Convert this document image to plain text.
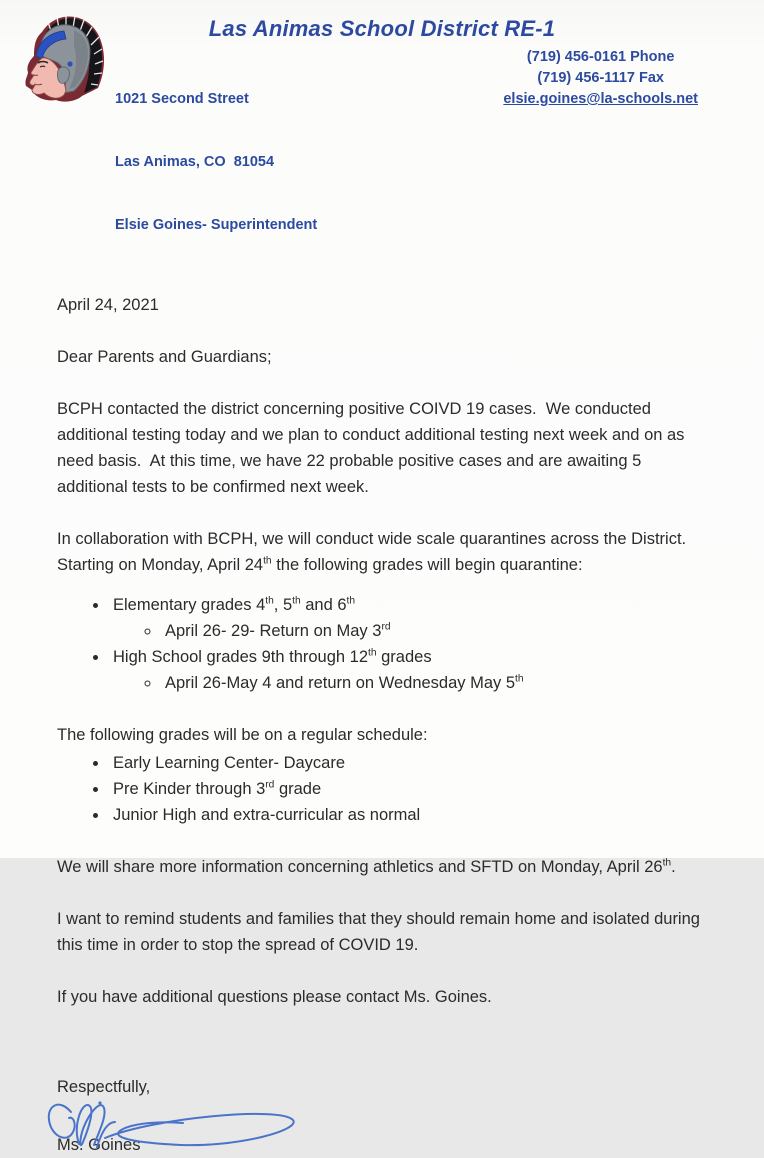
Las Animas School District RE-1

1021 Second Street

Las Animas, CO  81054

Elsie Goines- Superintendent

(719) 456-0161 Phone
(719) 456-1117 Fax
elsie.goines@la-schools.net

April 24, 2021

Dear Parents and Guardians;

BCPH contacted the district concerning positive COIVD 19 cases.  We conducted additional testing today and we plan to conduct additional testing next week and on as need basis.  At this time, we have 22 probable positive cases and are awaiting 5 additional tests to be confirmed next week.

In collaboration with BCPH, we will conduct wide scale quarantines across the District. Starting on Monday, April 24th the following grades will begin quarantine:

• Elementary grades 4th, 5th and 6th
◦ April 26- 29- Return on May 3rd
• High School grades 9th through 12th grades
◦ April 26-May 4 and return on Wednesday May 5th

The following grades will be on a regular schedule:

• Early Learning Center- Daycare
• Pre Kinder through 3rd grade
• Junior High and extra-curricular as normal

We will share more information concerning athletics and SFTD on Monday, April 26th.

I want to remind students and families that they should remain home and isolated during this time in order to stop the spread of COVID 19.

If you have additional questions please contact Ms. Goines.

Respectfully,

Ms. Goines
